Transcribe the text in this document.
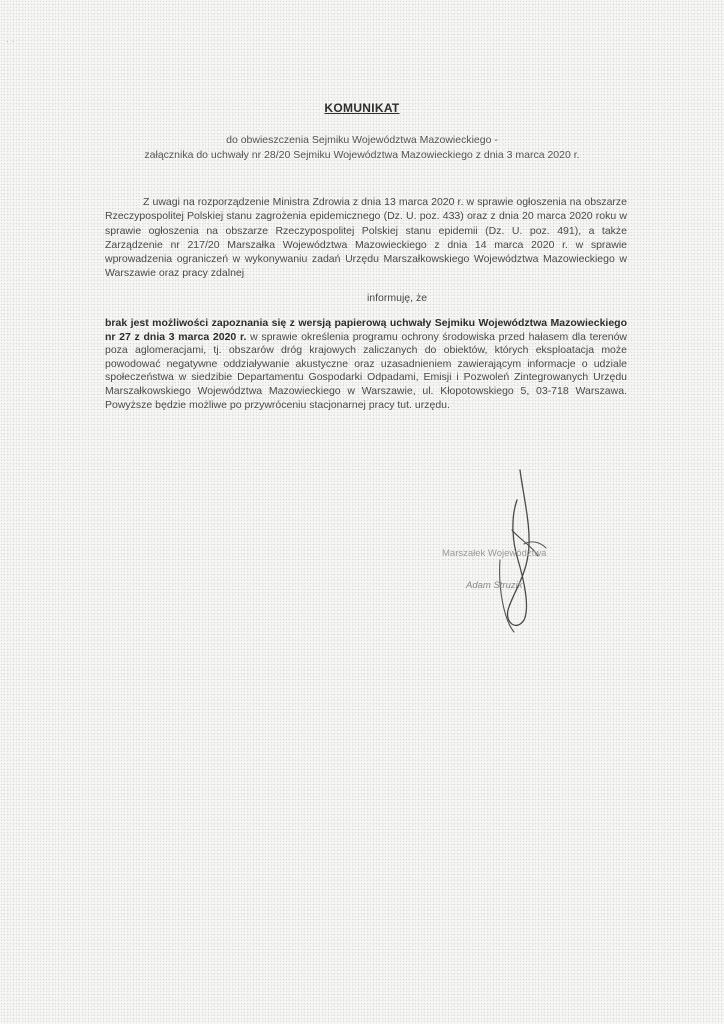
· ·
KOMUNIKAT
do obwieszczenia Sejmiku Województwa Mazowieckiego -
załącznika do uchwały nr 28/20 Sejmiku Województwa Mazowieckiego z dnia 3 marca 2020 r.
Z uwagi na rozporządzenie Ministra Zdrowia z dnia 13 marca 2020 r. w sprawie ogłoszenia na obszarze Rzeczypospolitej Polskiej stanu zagrożenia epidemicznego (Dz. U. poz. 433) oraz z dnia 20 marca 2020 roku w sprawie ogłoszenia na obszarze Rzeczypospolitej Polskiej stanu epidemii (Dz. U. poz. 491), a także Zarządzenie nr 217/20 Marszałka Województwa Mazowieckiego z dnia 14 marca 2020 r. w sprawie wprowadzenia ograniczeń w wykonywaniu zadań Urzędu Marszałkowskiego Województwa Mazowieckiego w Warszawie oraz pracy zdalnej
informuję, że
brak jest możliwości zapoznania się z wersją papierową uchwały Sejmiku Województwa Mazowieckiego nr 27 z dnia 3 marca 2020 r. w sprawie określenia programu ochrony środowiska przed hałasem dla terenów poza aglomeracjami, tj. obszarów dróg krajowych zaliczanych do obiektów, których eksploatacja może powodować negatywne oddziaływanie akustyczne oraz uzasadnieniem zawierającym informacje o udziale społeczeństwa w siedzibie Departamentu Gospodarki Odpadami, Emisji i Pozwoleń Zintegrowanych Urzędu Marszałkowskiego Województwa Mazowieckiego w Warszawie, ul. Kłopotowskiego 5, 03-718 Warszawa. Powyższe będzie możliwe po przywróceniu stacjonarnej pracy tut. urzędu.
Marszałek Województwa
Adam Struzik
